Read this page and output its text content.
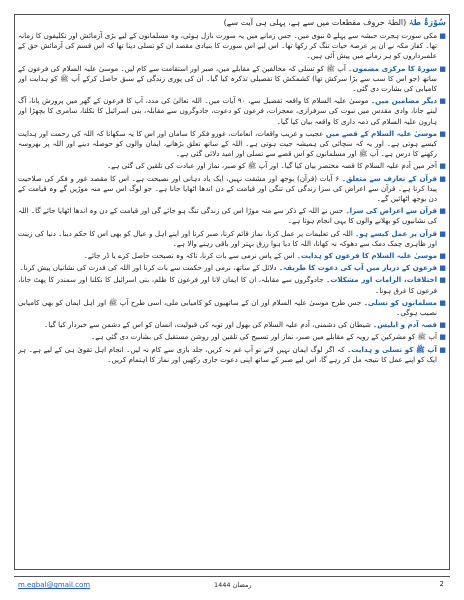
سُوْرَۃُ طٰہٰ (الطٰہٰ حروف مقطعات میں سے ہے، پہلی ہی آیت سے)
■
مکی سورت ہجرت حبشہ سے پہلے ۵ نبوی میں۔ جس زمانے میں یہ سورت نازل ہوئی، وہ مسلمانوں کے لیے بڑی آزمائش اور تکلیفوں کا زمانہ تھا۔ کفار مکہ نے ان پر عرصۂ حیات تنگ کر رکھا تھا۔ اس لیے اس سورت کا بنیادی مقصد ان کو تسلی دینا تھا کہ اس قسم کی آزمائش حق کے علمبرداروں کو ہر زمانے میں پیش آئی ہیں۔
■
سورۃ کا مرکزی مضمون۔ آپ ﷺ کو تسلی کہ مخالفین کے مقابلے میں، صبر اور استقامت سے کام لیں۔ موسیٰ علیہ السلام کی فرعون کے ساتھ (جو اس کا سب سے بڑا سرکش تھا) کشمکش کا تفصیلی تذکرہ کیا گیا۔ ان کی پوری زندگی کے سبق حاصل کرکے آپ ﷺ کو ہدایت اور کامیابی کی بشارت دی گئی۔
■
دیگر مضامین میں۔ موسیٰ علیہ السلام کا واقعہ تفصیل سے، ۹۰ آیات میں۔ اللہ تعالیٰ کی مدد، آپ کا فرعون کے گھر میں پرورش پانا، آگ لینے جانا، وادی مقدس میں نبوت کی سرفرازی، معجزات، فرعون کو دعوت، جادوگروں سے مقابلہ، بنی اسرائیل کا نکلنا، سامری کا بچھڑا اور ہارون علیہ السلام کی ذمہ داری کا واقعہ بیان کیا گیا۔
■
موسیٰ علیہ السلام کے قصے میں عجیب و غریب واقعات، انعامات، غورو فکر کا سامان اور اس کا یہ سکھانا کہ اللہ کی رحمت اور ہدایت کیسے ہوتی ہے۔ اور یہ کہ سچائی کی ہمیشہ جیت ہوتی ہے۔ اللہ کے ساتھ تعلق بڑھانے، ایمان والوں کو حوصلہ دینے اور اللہ پر بھروسہ رکھنے کا درس ہے۔ آپ ﷺ اور مسلمانوں کو اس قصے سے تسلی اور امید دلائی گئی ہے۔
■
آخر میں آدم علیہ السلام کا قصہ مختصر بیان کیا گیا۔ اور آپ ﷺ کو صبر، نماز اور عبادت کی تلقین کی گئی ہے۔
■
قرآن کے تعارف سے متعلق۔ ۶ آیات (قرآن) بوجھ اور مشقت نہیں، ایک یاد دہانی اور نصیحت ہے۔ اس کا مقصد غور و فکر کی صلاحیت پیدا کرنا ہے۔ قرآن سے اعراض کی سزا زندگی کی تنگی اور قیامت کے دن اندھا اٹھایا جانا ہے۔ جو لوگ اس سے منہ موڑیں گے وہ قیامت کے دن بوجھ اٹھائیں گے۔
■
قرآن سے اعراض کی سزا۔ جس نے اللہ کے ذکر سے منہ موڑا اس کی زندگی تنگ ہو جائے گی اور قیامت کے دن وہ اندھا اٹھایا جائے گا۔ اللہ کی نشانیوں کو بھلانے والوں کا یہی انجام ہوتا ہے۔
■
قرآن پر عمل کیسے ہو۔ اللہ کی تعلیمات پر عمل کرنا، نماز قائم کرنا، صبر کرنا اور اپنے اہل و عیال کو بھی اس کا حکم دینا۔ دنیا کی زینت اور ظاہری چمک دمک سے دھوکہ نہ کھانا، اللہ کا دیا ہوا رزق بہتر اور باقی رہنے والا ہے۔
■
موسیٰ علیہ السلام کا فرعون کو ہدایت۔ اس کے پاس نرمی سے بات کرنا، تاکہ وہ نصیحت حاصل کرے یا ڈر جائے۔
■
فرعون کے دربار میں آپ کی دعوت کا طریقہ۔ دلائل کے ساتھ، نرمی اور حکمت سے بات کرنا اور اللہ کی قدرت کی نشانیاں پیش کرنا۔
■
اختلافات، الزامات اور مشکلات۔ جادوگروں سے مقابلہ، ان کا ایمان لانا اور فرعون کا ظلم، بنی اسرائیل کا نکلنا اور سمندر کا پھٹ جانا، فرعون کا غرق ہونا۔
■
مسلمانوں کو تسلی۔ جس طرح موسیٰ علیہ السلام اور ان کے ساتھیوں کو کامیابی ملی، اسی طرح آپ ﷺ اور اہل ایمان کو بھی کامیابی نصیب ہوگی۔
■
قصہ آدم و ابلیس۔ شیطان کی دشمنی، آدم علیہ السلام کی بھول اور توبہ کی قبولیت، انسان کو اس کے دشمن سے خبردار کیا گیا۔
■
آپ ﷺ کو مشرکین کے رویہ کے مقابلے میں صبر، نماز اور تسبیح کی تلقین اور روشن مستقبل کی بشارت دی گئی ہے۔
■
آپ ﷺ کو تسلی و ہدایت۔ کہ اگر لوگ ایمان نہیں لاتے تو آپ غم نہ کریں، جلد بازی سے کام نہ لیں۔ انجام اہل تقویٰ ہی کے لیے ہے۔ ہر ایک کو اپنے عمل کا نتیجہ مل کر رہے گا، اس لیے صبر کے ساتھ اپنی دعوت جاری رکھیں اور نماز کا اہتمام کریں۔
m.eqbal@gmail.com	رمضان 1444	2
